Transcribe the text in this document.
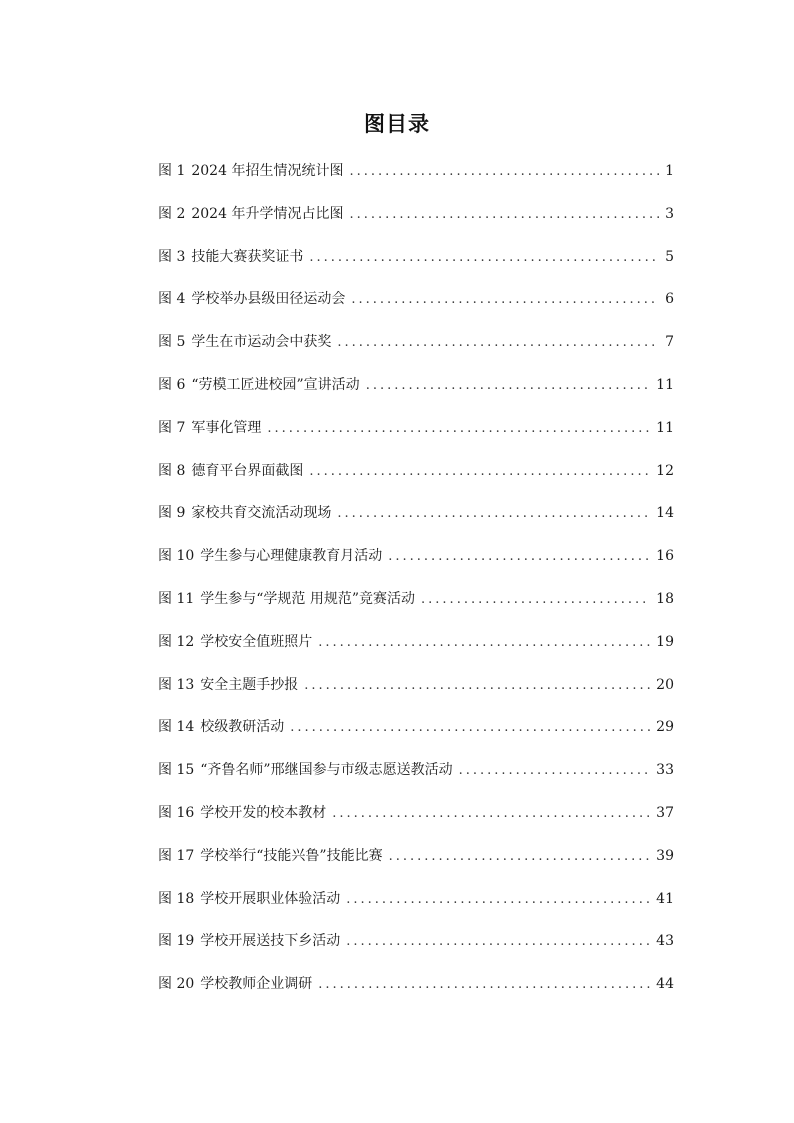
图目录
图 1 2024 年招生情况统计图 .....	1
图 2 2024 年升学情况占比图 .....	3
图 3 技能大赛获奖证书 .....	5
图 4 学校举办县级田径运动会 .....	6
图 5 学生在市运动会中获奖 .....	7
图 6 “劳模工匠进校园”宣讲活动 .....	11
图 7 军事化管理 .....	11
图 8 德育平台界面截图 .....	12
图 9 家校共育交流活动现场 .....	14
图 10 学生参与心理健康教育月活动 .....	16
图 11 学生参与“学规范 用规范”竞赛活动 .....	18
图 12 学校安全值班照片 .....	19
图 13 安全主题手抄报 .....	20
图 14 校级教研活动 .....	29
图 15 “齐鲁名师”邢继国参与市级志愿送教活动 .....	33
图 16 学校开发的校本教材 .....	37
图 17 学校举行“技能兴鲁”技能比赛 .....	39
图 18 学校开展职业体验活动 .....	41
图 19 学校开展送技下乡活动 .....	43
图 20 学校教师企业调研 .....	44
